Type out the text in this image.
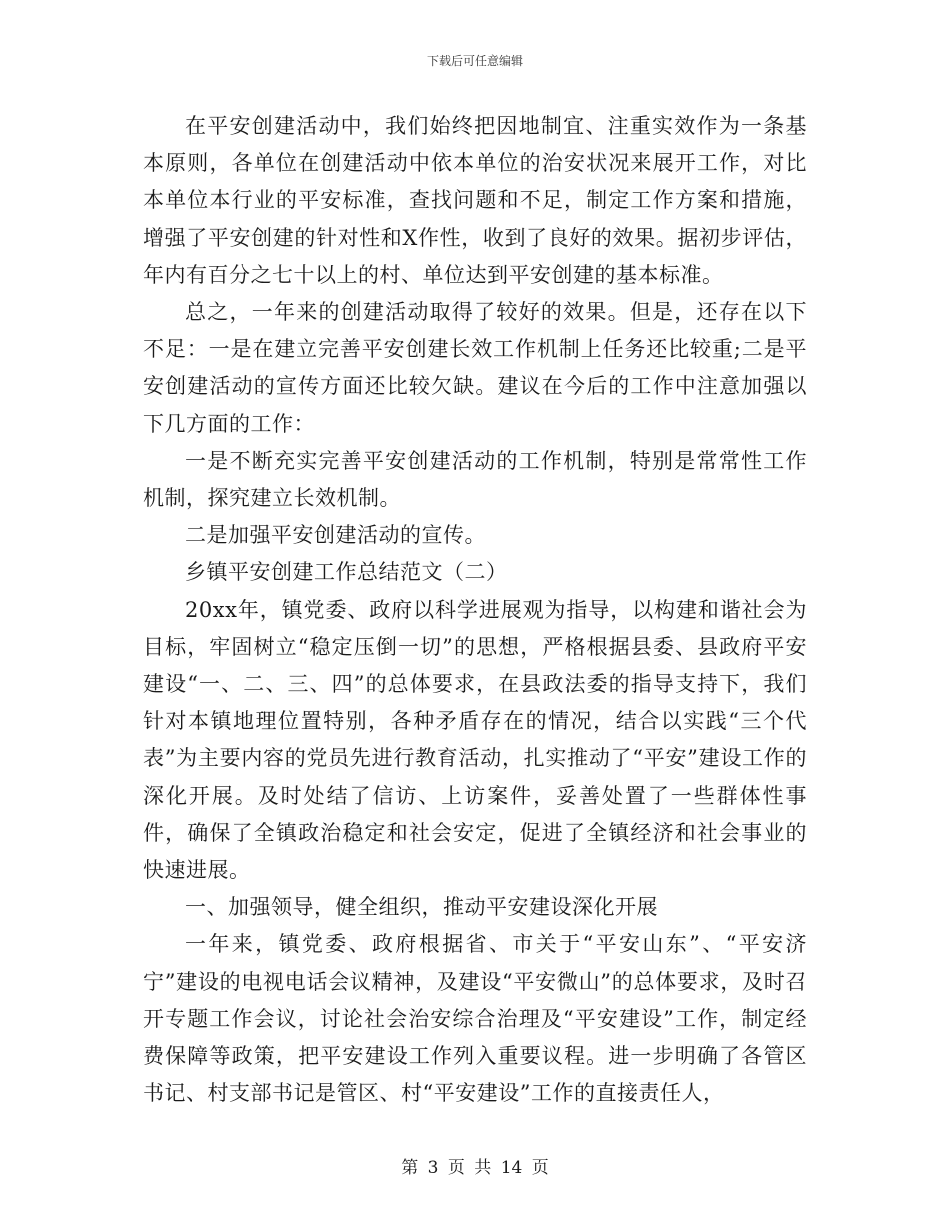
下载后可任意编辑

在平安创建活动中，我们始终把因地制宜、注重实效作为一条基本原则，各单位在创建活动中依本单位的治安状况来展开工作，对比本单位本行业的平安标准，查找问题和不足，制定工作方案和措施，增强了平安创建的针对性和X作性，收到了良好的效果。据初步评估，年内有百分之七十以上的村、单位达到平安创建的基本标准。

总之，一年来的创建活动取得了较好的效果。但是，还存在以下不足：一是在建立完善平安创建长效工作机制上任务还比较重;二是平安创建活动的宣传方面还比较欠缺。建议在今后的工作中注意加强以下几方面的工作：

一是不断充实完善平安创建活动的工作机制，特别是常常性工作机制，探究建立长效机制。

二是加强平安创建活动的宣传。

乡镇平安创建工作总结范文（二）

20xx年，镇党委、政府以科学进展观为指导，以构建和谐社会为目标，牢固树立“稳定压倒一切”的思想，严格根据县委、县政府平安建设“一、二、三、四”的总体要求，在县政法委的指导支持下，我们针对本镇地理位置特别，各种矛盾存在的情况，结合以实践“三个代表”为主要内容的党员先进行教育活动，扎实推动了“平安”建设工作的深化开展。及时处结了信访、上访案件，妥善处置了一些群体性事件，确保了全镇政治稳定和社会安定，促进了全镇经济和社会事业的快速进展。

一、加强领导，健全组织，推动平安建设深化开展

一年来，镇党委、政府根据省、市关于“平安山东”、“平安济宁”建设的电视电话会议精神，及建设“平安微山”的总体要求，及时召开专题工作会议，讨论社会治安综合治理及“平安建设”工作，制定经费保障等政策，把平安建设工作列入重要议程。进一步明确了各管区书记、村支部书记是管区、村“平安建设”工作的直接责任人，

第 3 页 共 14 页
